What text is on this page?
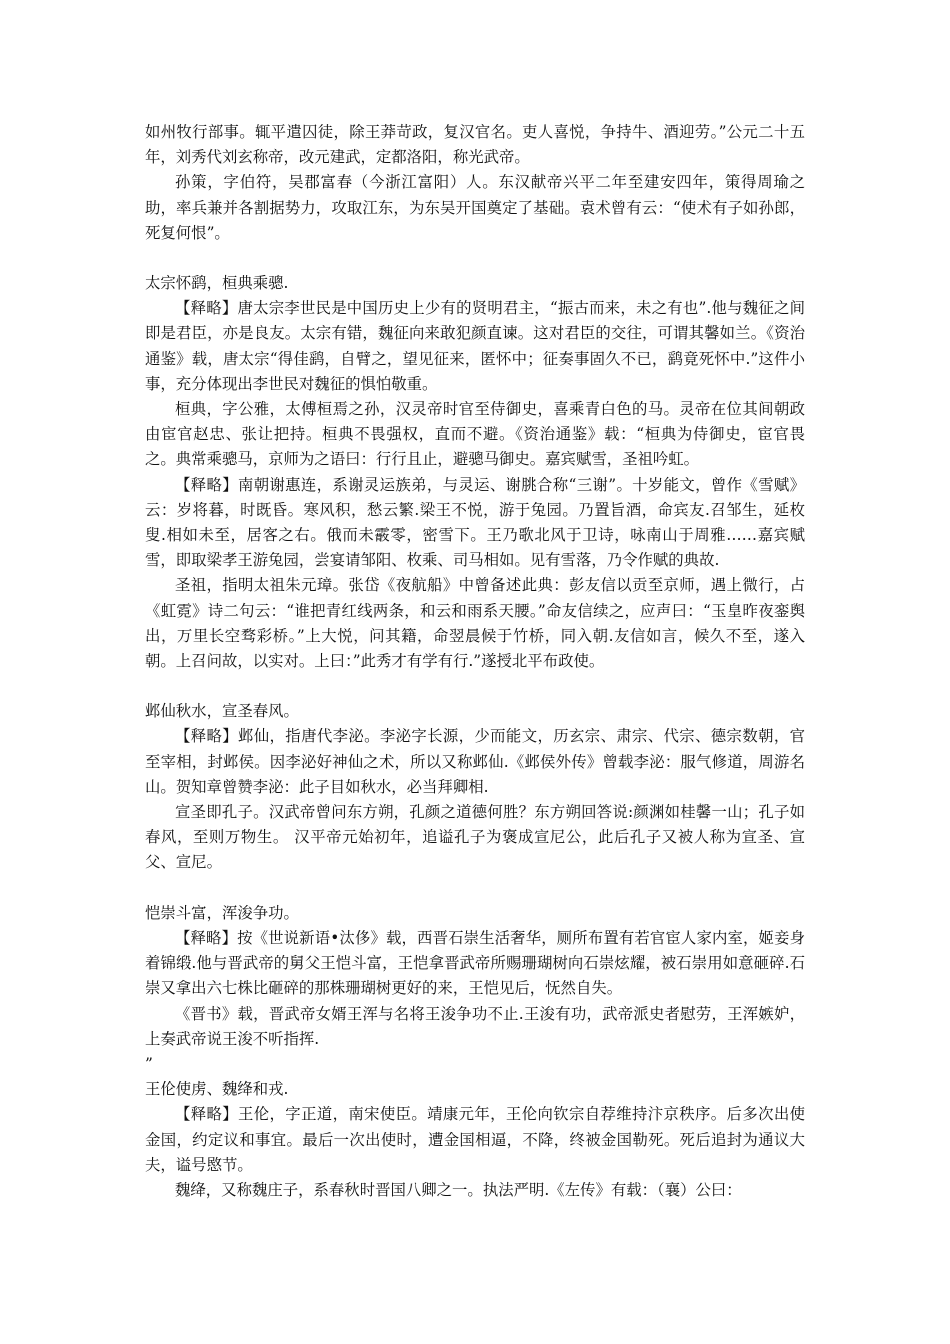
如州牧行部事。辄平遣囚徒，除王莽苛政，复汉官名。吏人喜悦，争持牛、酒迎劳。”公元二十五年，刘秀代刘玄称帝，改元建武，定都洛阳，称光武帝。

孙策，字伯符，吴郡富春（今浙江富阳）人。东汉献帝兴平二年至建安四年，策得周瑜之助，率兵兼并各割据势力，攻取江东，为东吴开国奠定了基础。袁术曾有云：“使术有子如孙郎，死复何恨”。

太宗怀鹞，桓典乘骢.

【释略】唐太宗李世民是中国历史上少有的贤明君主，“振古而来，未之有也”.他与魏征之间即是君臣，亦是良友。太宗有错，魏征向来敢犯颜直谏。这对君臣的交往，可谓其馨如兰。《资治通鉴》载，唐太宗“得佳鹞，自臂之，望见征来，匿怀中；征奏事固久不已，鹞竟死怀中.”这件小事，充分体现出李世民对魏征的惧怕敬重。

桓典，字公雅，太傅桓焉之孙，汉灵帝时官至侍御史，喜乘青白色的马。灵帝在位其间朝政由宦官赵忠、张让把持。桓典不畏强权，直而不避。《资治通鉴》载：“桓典为侍御史，宦官畏之。典常乘骢马，京师为之语曰：行行且止，避骢马御史。嘉宾赋雪，圣祖吟虹。

【释略】南朝谢惠连，系谢灵运族弟，与灵运、谢朓合称“三谢”。十岁能文，曾作《雪赋》云：岁将暮，时既昏。寒风积，愁云繁.梁王不悦，游于兔园。乃置旨酒，命宾友.召邹生，延枚叟.相如未至，居客之右。俄而未霰零，密雪下。王乃歌北风于卫诗，咏南山于周雅……嘉宾赋雪，即取梁孝王游兔园，尝宴请邹阳、枚乘、司马相如。见有雪落，乃令作赋的典故.

圣祖，指明太祖朱元璋。张岱《夜航船》中曾备述此典：彭友信以贡至京师，遇上微行，占《虹霓》诗二句云：“谁把青红线两条，和云和雨系天腰。”命友信续之，应声曰：“玉皇昨夜銮舆出，万里长空骛彩桥。”上大悦，问其籍，命翌晨候于竹桥，同入朝.友信如言，候久不至，遂入朝。上召问故，以实对。上曰：”此秀才有学有行.”遂授北平布政使。

邺仙秋水，宣圣春风。

【释略】邺仙，指唐代李泌。李泌字长源，少而能文，历玄宗、肃宗、代宗、德宗数朝，官至宰相，封邺侯。因李泌好神仙之术，所以又称邺仙.《邺侯外传》曾载李泌：服气修道，周游名山。贺知章曾赞李泌：此子目如秋水，必当拜卿相.

宣圣即孔子。汉武帝曾问东方朔，孔颜之道德何胜？东方朔回答说:颜渊如桂馨一山；孔子如春风，至则万物生。 汉平帝元始初年，追谥孔子为褒成宣尼公，此后孔子又被人称为宣圣、宣父、宣尼。

恺崇斗富，浑浚争功。

【释略】按《世说新语•汰侈》载，西晋石崇生活奢华，厕所布置有若官宦人家内室，姬妾身着锦缎.他与晋武帝的舅父王恺斗富，王恺拿晋武帝所赐珊瑚树向石崇炫耀，被石崇用如意砸碎.石崇又拿出六七株比砸碎的那株珊瑚树更好的来，王恺见后，怃然自失。

《晋书》载，晋武帝女婿王浑与名将王浚争功不止.王浚有功，武帝派史者慰劳，王浑嫉妒，上奏武帝说王浚不听指挥.

”

王伦使虏、魏绛和戎.

【释略】王伦，字正道，南宋使臣。靖康元年，王伦向钦宗自荐维持汴京秩序。后多次出使金国，约定议和事宜。最后一次出使时，遭金国相逼，不降，终被金国勒死。死后追封为通议大夫，谥号愍节。

魏绛，又称魏庄子，系春秋时晋国八卿之一。执法严明.《左传》有载：（襄）公曰：
